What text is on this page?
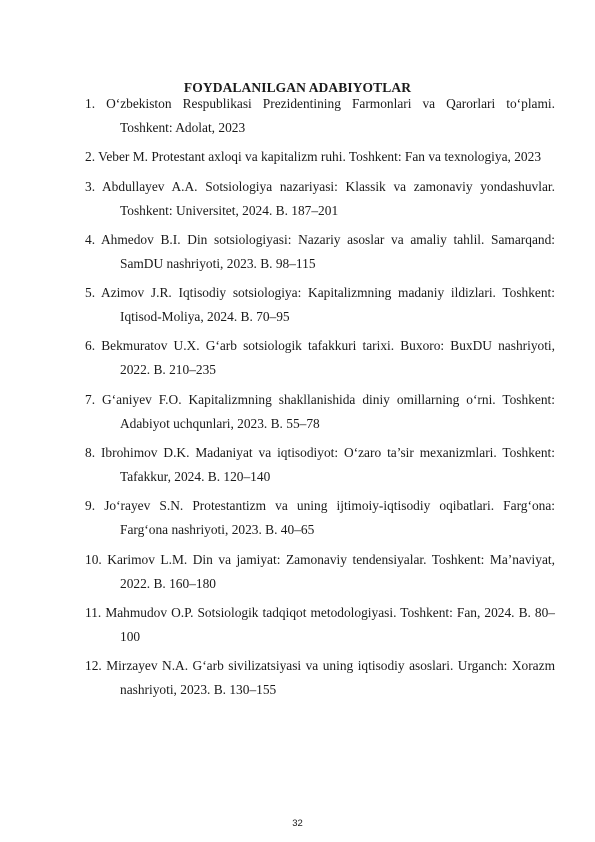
FOYDALANILGAN ADABIYOTLAR
1. O‘zbekiston Respublikasi Prezidentining Farmonlari va Qarorlari to‘plami. Toshkent: Adolat, 2023
2. Veber M. Protestant axloqi va kapitalizm ruhi. Toshkent: Fan va texnologiya, 2023
3. Abdullayev A.A. Sotsiologiya nazariyasi: Klassik va zamonaviy yondashuvlar. Toshkent: Universitet, 2024. B. 187–201
4. Ahmedov B.I. Din sotsiologiyasi: Nazariy asoslar va amaliy tahlil. Samarqand: SamDU nashriyoti, 2023. B. 98–115
5. Azimov J.R. Iqtisodiy sotsiologiya: Kapitalizmning madaniy ildizlari. Toshkent: Iqtisod-Moliya, 2024. B. 70–95
6. Bekmuratov U.X. G‘arb sotsiologik tafakkuri tarixi. Buxoro: BuxDU nashriyoti, 2022. B. 210–235
7. G‘aniyev F.O. Kapitalizmning shakllanishida diniy omillarning o‘rni. Toshkent: Adabiyot uchqunlari, 2023. B. 55–78
8. Ibrohimov D.K. Madaniyat va iqtisodiyot: O‘zaro ta’sir mexanizmlari. Toshkent: Tafakkur, 2024. B. 120–140
9. Jo‘rayev S.N. Protestantizm va uning ijtimoiy-iqtisodiy oqibatlari. Farg‘ona: Farg‘ona nashriyoti, 2023. B. 40–65
10. Karimov L.M. Din va jamiyat: Zamonaviy tendensiyalar. Toshkent: Ma’naviyat, 2022. B. 160–180
11. Mahmudov O.P. Sotsiologik tadqiqot metodologiyasi. Toshkent: Fan, 2024. B. 80–100
12. Mirzayev N.A. G‘arb sivilizatsiyasi va uning iqtisodiy asoslari. Urganch: Xorazm nashriyoti, 2023. B. 130–155
32
